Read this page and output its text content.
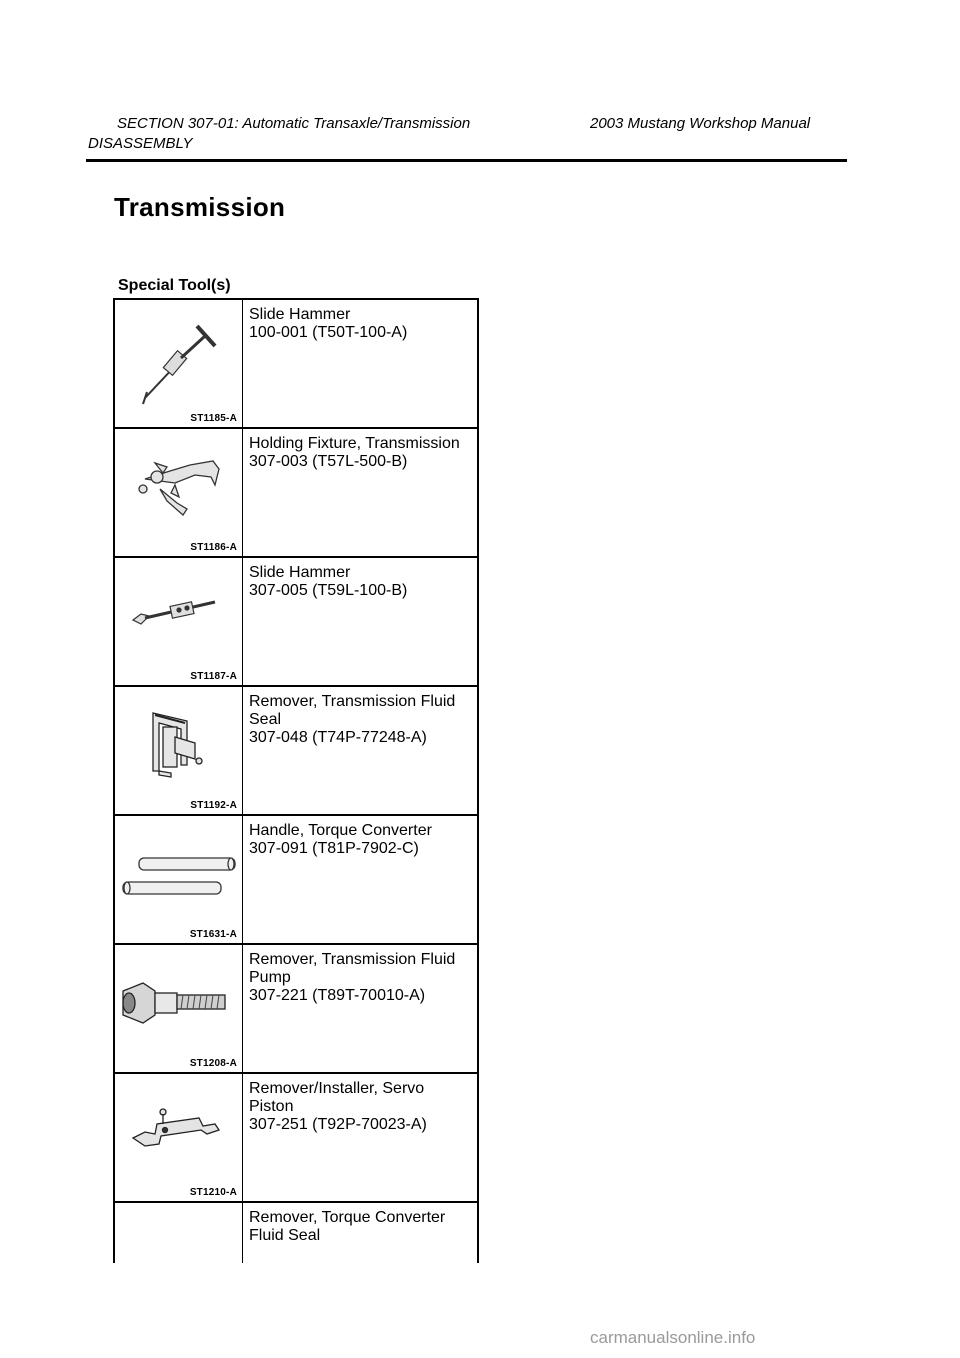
SECTION 307-01: Automatic Transaxle/Transmission	2003 Mustang Workshop Manual
DISASSEMBLY
Transmission
Special Tool(s)
ST1185-A
Slide Hammer
100-001 (T50T-100-A)
ST1186-A
Holding Fixture, Transmission
307-003 (T57L-500-B)
ST1187-A
Slide Hammer
307-005 (T59L-100-B)
ST1192-A
Remover, Transmission Fluid
Seal
307-048 (T74P-77248-A)
ST1631-A
Handle, Torque Converter
307-091 (T81P-7902-C)
ST1208-A
Remover, Transmission Fluid
Pump
307-221 (T89T-70010-A)
ST1210-A
Remover/Installer, Servo
Piston
307-251 (T92P-70023-A)
Remover, Torque Converter
Fluid Seal
carmanualsonline.info
